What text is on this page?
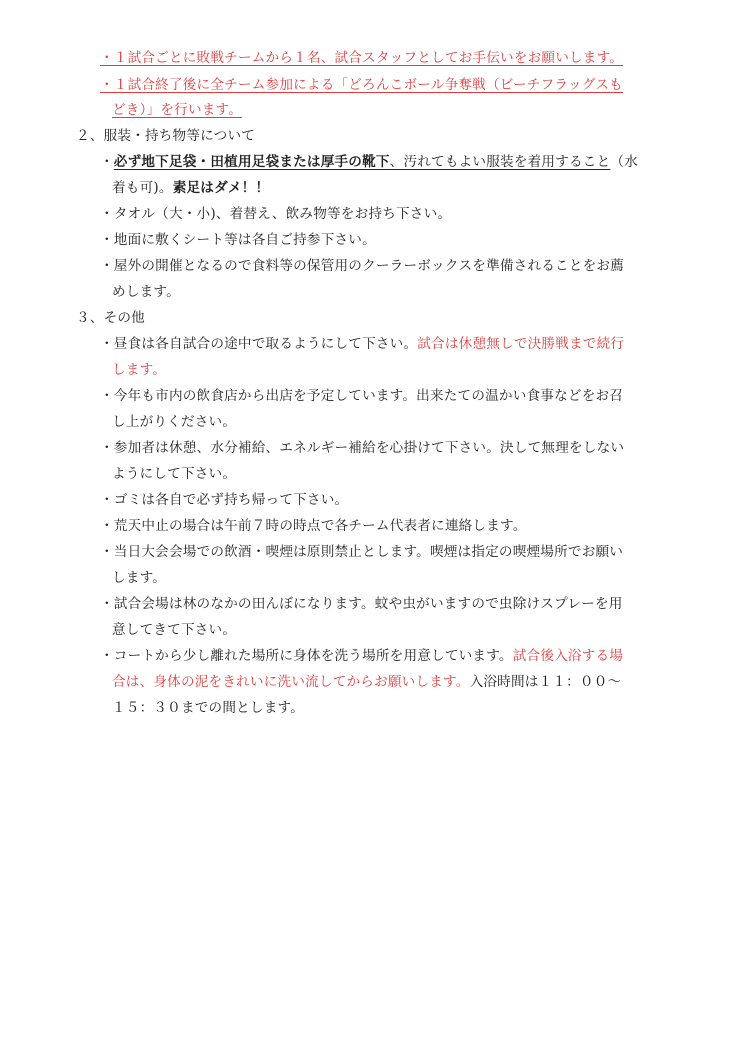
・１試合ごとに敗戦チームから１名、試合スタッフとしてお手伝いをお願いします。
・１試合終了後に全チーム参加による「どろんこボール争奪戦（ビーチフラッグスも
どき）」を行います。
２、服装・持ち物等について
・必ず地下足袋・田植用足袋または厚手の靴下、汚れてもよい服装を着用すること（水
着も可)。素足はダメ！！
・タオル（大・小)、着替え、飲み物等をお持ち下さい。
・地面に敷くシート等は各自ご持参下さい。
・屋外の開催となるので食料等の保管用のクーラーボックスを準備されることをお薦
めします。
３、その他
・昼食は各自試合の途中で取るようにして下さい。試合は休憩無しで決勝戦まで続行
します。
・今年も市内の飲食店から出店を予定しています。出来たての温かい食事などをお召
し上がりください。
・参加者は休憩、水分補給、エネルギー補給を心掛けて下さい。決して無理をしない
ようにして下さい。
・ゴミは各自で必ず持ち帰って下さい。
・荒天中止の場合は午前７時の時点で各チーム代表者に連絡します。
・当日大会会場での飲酒・喫煙は原則禁止とします。喫煙は指定の喫煙場所でお願い
します。
・試合会場は林のなかの田んぼになります。蚊や虫がいますので虫除けスプレーを用
意してきて下さい。
・コートから少し離れた場所に身体を洗う場所を用意しています。試合後入浴する場
合は、身体の泥をきれいに洗い流してからお願いします。入浴時間は１１：００〜
１５：３０までの間とします。
